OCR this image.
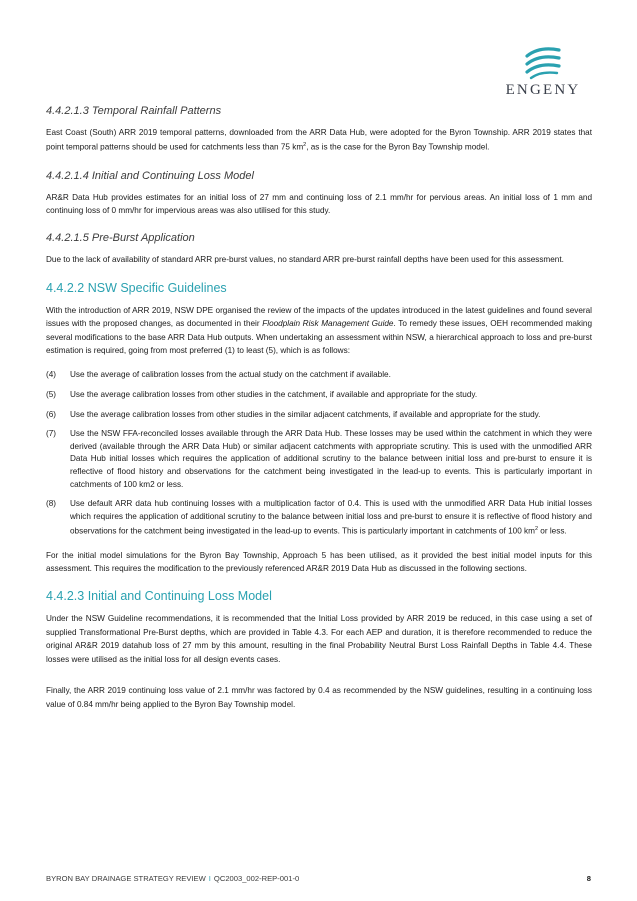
ENGENY
4.4.2.1.3 Temporal Rainfall Patterns

East Coast (South) ARR 2019 temporal patterns, downloaded from the ARR Data Hub, were adopted for the Byron Township. ARR 2019 states that point temporal patterns should be used for catchments less than 75 $km^2$, as is the case for the Byron Bay Township model.

4.4.2.1.4 Initial and Continuing Loss Model

AR&R Data Hub provides estimates for an initial loss of 27 mm and continuing loss of 2.1 mm/hr for pervious areas. An initial loss of 1 mm and continuing loss of 0 mm/hr for impervious areas was also utilised for this study.

4.4.2.1.5 Pre-Burst Application

Due to the lack of availability of standard ARR pre-burst values, no standard ARR pre-burst rainfall depths have been used for this assessment.

4.4.2.2 NSW Specific Guidelines

With the introduction of ARR 2019, NSW DPE organised the review of the impacts of the updates introduced in the latest guidelines and found several issues with the proposed changes, as documented in their Floodplain Risk Management Guide. To remedy these issues, OEH recommended making several modifications to the base ARR Data Hub outputs. When undertaking an assessment within NSW, a hierarchical approach to loss and pre-burst estimation is required, going from most preferred (1) to least (5), which is as follows:

(4)	Use the average of calibration losses from the actual study on the catchment if available.
(5)	Use the average calibration losses from other studies in the catchment, if available and appropriate for the study.
(6)	Use the average calibration losses from other studies in the similar adjacent catchments, if available and appropriate for the study.
(7)	Use the NSW FFA-reconciled losses available through the ARR Data Hub. These losses may be used within the catchment in which they were derived (available through the ARR Data Hub) or similar adjacent catchments with appropriate scrutiny. This is used with the unmodified ARR Data Hub initial losses which requires the application of additional scrutiny to the balance between initial loss and pre-burst to ensure it is reflective of flood history and observations for the catchment being investigated in the lead-up to events. This is particularly important in catchments of 100 km2 or less.
(8)	Use default ARR data hub continuing losses with a multiplication factor of 0.4. This is used with the unmodified ARR Data Hub initial losses which requires the application of additional scrutiny to the balance between initial loss and pre-burst to ensure it is reflective of flood history and observations for the catchment being investigated in the lead-up to events. This is particularly important in catchments of 100 $km^2$ or less.

For the initial model simulations for the Byron Bay Township, Approach 5 has been utilised, as it provided the best initial model inputs for this assessment. This requires the modification to the previously referenced AR&R 2019 Data Hub as discussed in the following sections.

4.4.2.3 Initial and Continuing Loss Model

Under the NSW Guideline recommendations, it is recommended that the Initial Loss provided by ARR 2019 be reduced, in this case using a set of supplied Transformational Pre-Burst depths, which are provided in Table 4.3. For each AEP and duration, it is therefore recommended to reduce the original AR&R 2019 datahub loss of 27 mm by this amount, resulting in the final Probability Neutral Burst Loss Rainfall Depths in Table 4.4. These losses were utilised as the initial loss for all design events cases.

Finally, the ARR 2019 continuing loss value of 2.1 mm/hr was factored by 0.4 as recommended by the NSW guidelines, resulting in a continuing loss value of 0.84 mm/hr being applied to the Byron Bay Township model.

BYRON BAY DRAINAGE STRATEGY REVIEW I QC2003_002-REP-001-0	8
